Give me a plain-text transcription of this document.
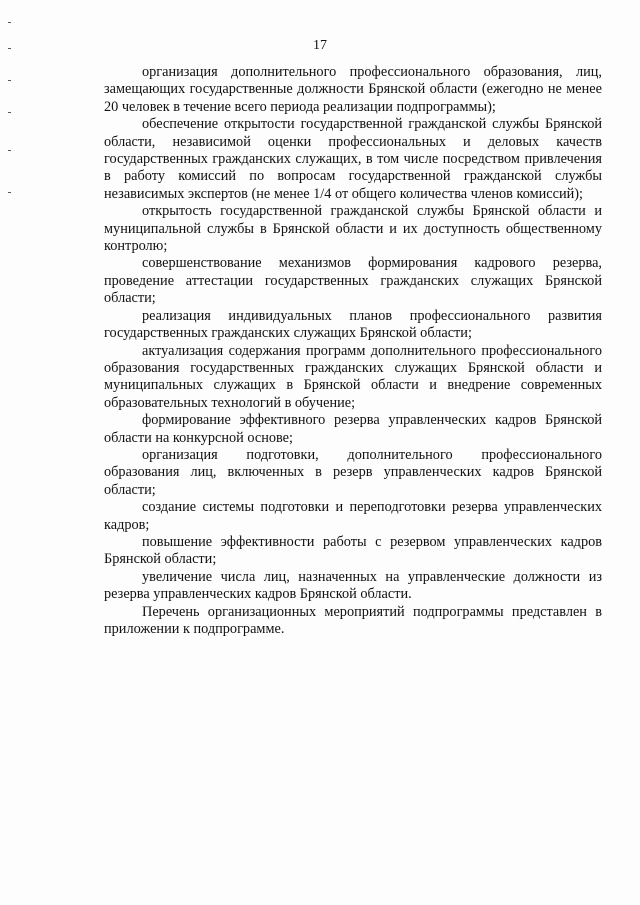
17

организация дополнительного профессионального образования, лиц, замещающих государственные должности Брянской области (ежегодно не менее 20 человек в течение всего периода реализации подпрограммы);

обеспечение открытости государственной гражданской службы Брянской области, независимой оценки профессиональных и деловых качеств государственных гражданских служащих, в том числе посредством привлечения в работу комиссий по вопросам государственной гражданской службы независимых экспертов (не менее 1/4 от общего количества членов комиссий);

открытость государственной гражданской службы Брянской области и муниципальной службы в Брянской области и их доступность общественному контролю;

совершенствование механизмов формирования кадрового резерва, проведение аттестации государственных гражданских служащих Брянской области;

реализация индивидуальных планов профессионального развития государственных гражданских служащих Брянской области;

актуализация содержания программ дополнительного профессионального образования государственных гражданских служащих Брянской области и муниципальных служащих в Брянской области и внедрение современных образовательных технологий в обучение;

формирование эффективного резерва управленческих кадров Брянской области на конкурсной основе;

организация подготовки, дополнительного профессионального образования лиц, включенных в резерв управленческих кадров Брянской области;

создание системы подготовки и переподготовки резерва управленческих кадров;

повышение эффективности работы с резервом управленческих кадров Брянской области;

увеличение числа лиц, назначенных на управленческие должности из резерва управленческих кадров Брянской области.

Перечень организационных мероприятий подпрограммы представлен в приложении к подпрограмме.
